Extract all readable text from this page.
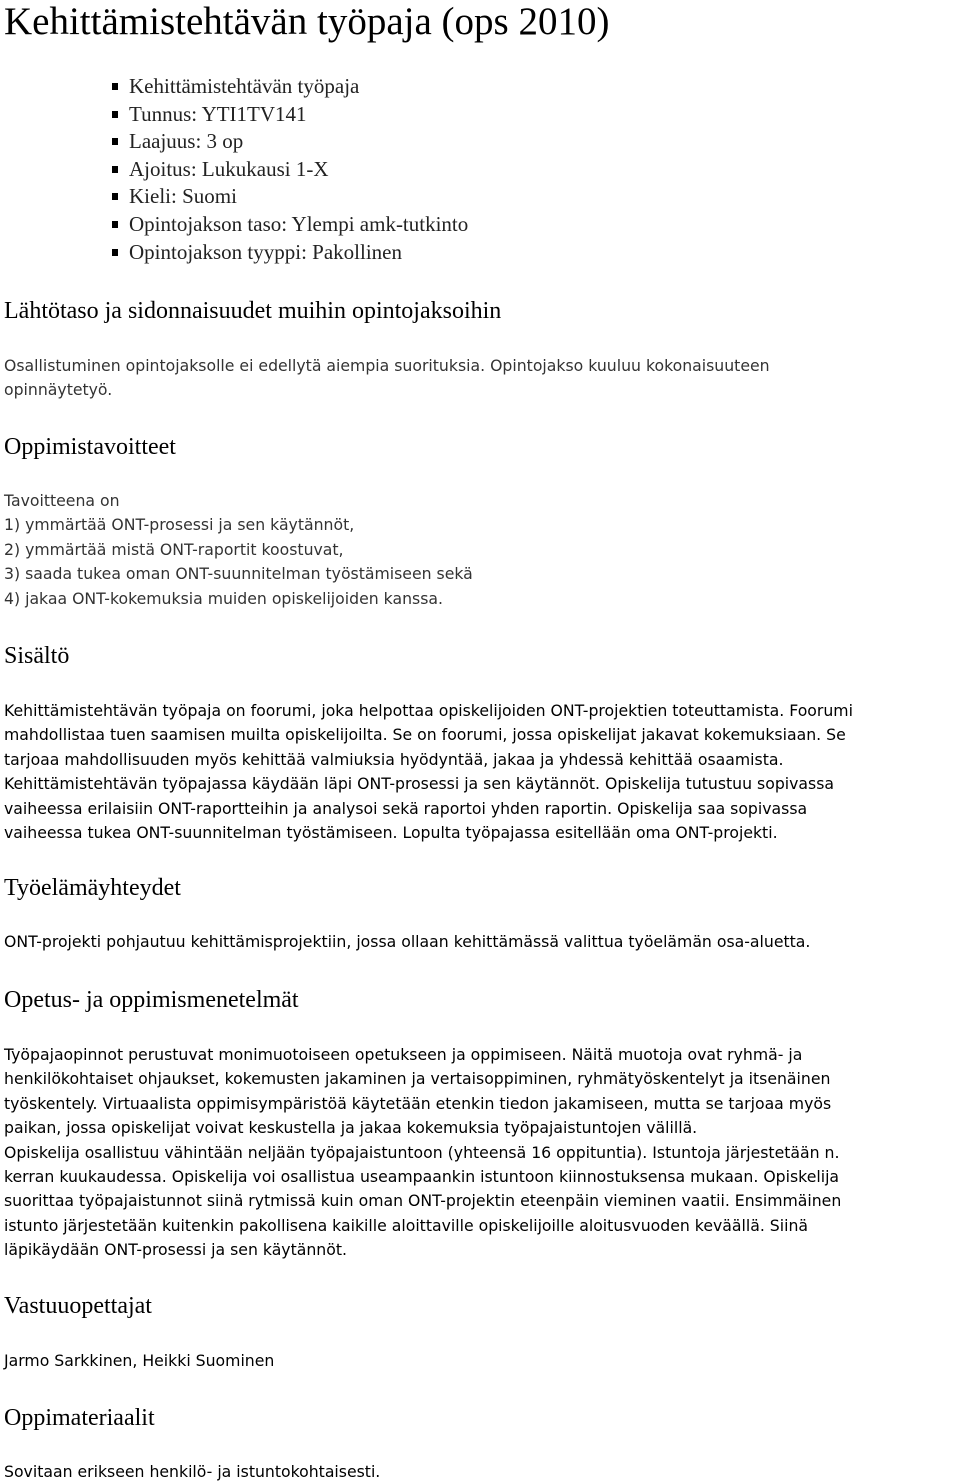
Kehittämistehtävän työpaja (ops 2010)
Kehittämistehtävän työpaja
Tunnus: YTI1TV141
Laajuus: 3 op
Ajoitus: Lukukausi 1-X
Kieli: Suomi
Opintojakson taso: Ylempi amk-tutkinto
Opintojakson tyyppi: Pakollinen
Lähtötaso ja sidonnaisuudet muihin opintojaksoihin
Osallistuminen opintojaksolle ei edellytä aiempia suorituksia. Opintojakso kuuluu kokonaisuuteen
opinnäytetyö.
Oppimistavoitteet
Tavoitteena on
1) ymmärtää ONT-prosessi ja sen käytännöt,
2) ymmärtää mistä ONT-raportit koostuvat,
3) saada tukea oman ONT-suunnitelman työstämiseen sekä
4) jakaa ONT-kokemuksia muiden opiskelijoiden kanssa.
Sisältö
Kehittämistehtävän työpaja on foorumi, joka helpottaa opiskelijoiden ONT-projektien toteuttamista. Foorumi
mahdollistaa tuen saamisen muilta opiskelijoilta. Se on foorumi, jossa opiskelijat jakavat kokemuksiaan. Se
tarjoaa mahdollisuuden myös kehittää valmiuksia hyödyntää, jakaa ja yhdessä kehittää osaamista.
Kehittämistehtävän työpajassa käydään läpi ONT-prosessi ja sen käytännöt. Opiskelija tutustuu sopivassa
vaiheessa erilaisiin ONT-raportteihin ja analysoi sekä raportoi yhden raportin. Opiskelija saa sopivassa
vaiheessa tukea ONT-suunnitelman työstämiseen. Lopulta työpajassa esitellään oma ONT-projekti.
Työelämäyhteydet
ONT-projekti pohjautuu kehittämisprojektiin, jossa ollaan kehittämässä valittua työelämän osa-aluetta.
Opetus- ja oppimismenetelmät
Työpajaopinnot perustuvat monimuotoiseen opetukseen ja oppimiseen. Näitä muotoja ovat ryhmä- ja
henkilökohtaiset ohjaukset, kokemusten jakaminen ja vertaisoppiminen, ryhmätyöskentelyt ja itsenäinen
työskentely. Virtuaalista oppimisympäristöä käytetään etenkin tiedon jakamiseen, mutta se tarjoaa myös
paikan, jossa opiskelijat voivat keskustella ja jakaa kokemuksia työpajaistuntojen välillä.
Opiskelija osallistuu vähintään neljään työpajaistuntoon (yhteensä 16 oppituntia). Istuntoja järjestetään n.
kerran kuukaudessa. Opiskelija voi osallistua useampaankin istuntoon kiinnostuksensa mukaan. Opiskelija
suorittaa työpajaistunnot siinä rytmissä kuin oman ONT-projektin eteenpäin vieminen vaatii. Ensimmäinen
istunto järjestetään kuitenkin pakollisena kaikille aloittaville opiskelijoille aloitusvuoden keväällä. Siinä
läpikäydään ONT-prosessi ja sen käytännöt.
Vastuuopettajat
Jarmo Sarkkinen, Heikki Suominen
Oppimateriaalit
Sovitaan erikseen henkilö- ja istuntokohtaisesti.
